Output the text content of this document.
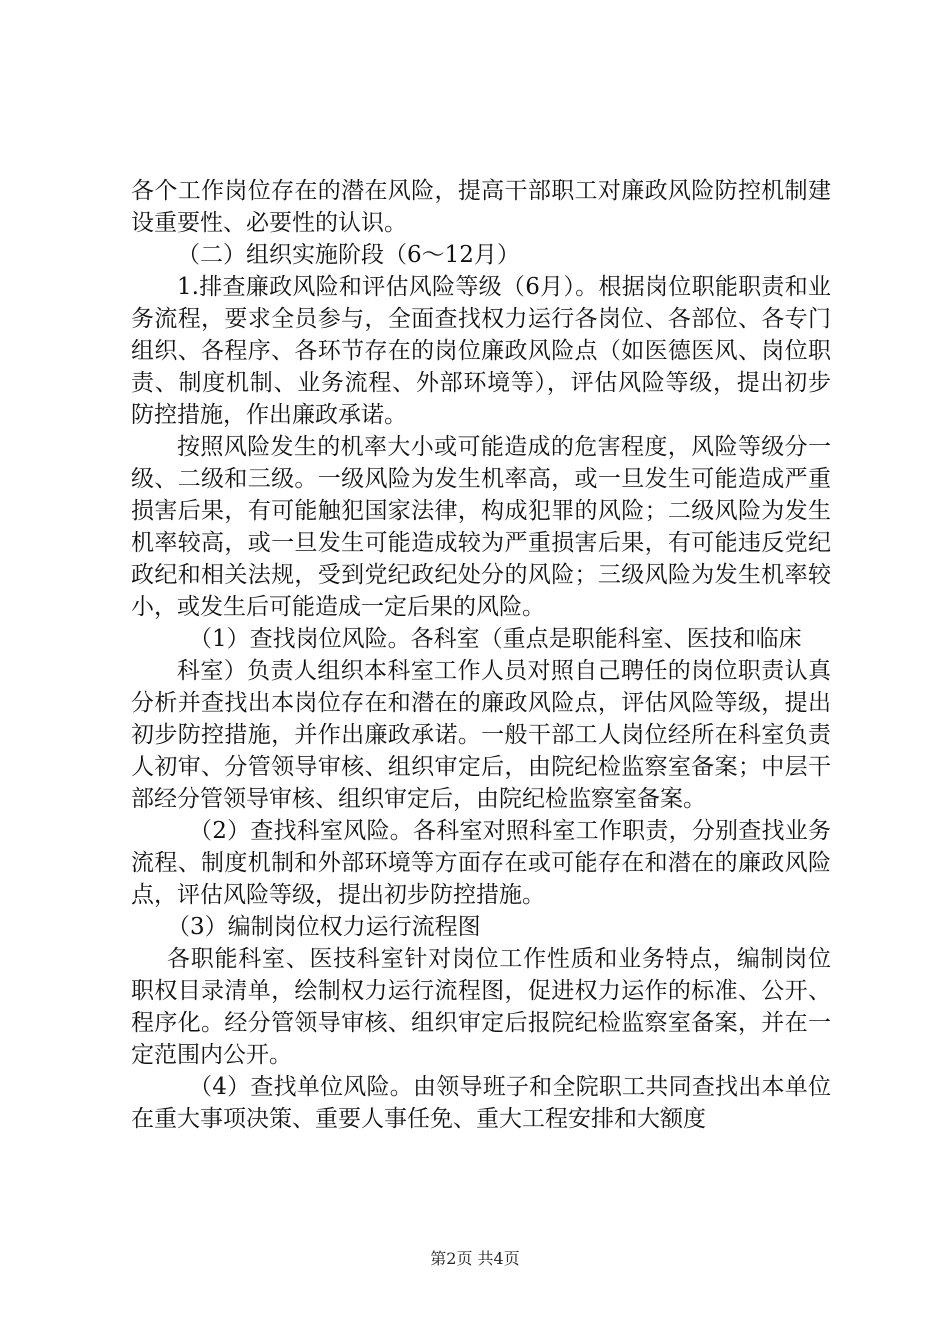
各个工作岗位存在的潜在风险，提高干部职工对廉政风险防控机制建设重要性、必要性的认识。

（二）组织实施阶段（6～12月）

1.排查廉政风险和评估风险等级（6月）。根据岗位职能职责和业务流程，要求全员参与，全面查找权力运行各岗位、各部位、各专门组织、各程序、各环节存在的岗位廉政风险点（如医德医风、岗位职责、制度机制、业务流程、外部环境等），评估风险等级，提出初步防控措施，作出廉政承诺。

按照风险发生的机率大小或可能造成的危害程度，风险等级分一级、二级和三级。一级风险为发生机率高，或一旦发生可能造成严重损害后果，有可能触犯国家法律，构成犯罪的风险；二级风险为发生机率较高，或一旦发生可能造成较为严重损害后果，有可能违反党纪政纪和相关法规，受到党纪政纪处分的风险；三级风险为发生机率较小，或发生后可能造成一定后果的风险。

（1）查找岗位风险。各科室（重点是职能科室、医技和临床

科室）负责人组织本科室工作人员对照自己聘任的岗位职责认真分析并查找出本岗位存在和潜在的廉政风险点，评估风险等级，提出初步防控措施，并作出廉政承诺。一般干部工人岗位经所在科室负责人初审、分管领导审核、组织审定后，由院纪检监察室备案；中层干部经分管领导审核、组织审定后，由院纪检监察室备案。

（2）查找科室风险。各科室对照科室工作职责，分别查找业务流程、制度机制和外部环境等方面存在或可能存在和潜在的廉政风险点，评估风险等级，提出初步防控措施。

（3）编制岗位权力运行流程图

各职能科室、医技科室针对岗位工作性质和业务特点，编制岗位职权目录清单，绘制权力运行流程图，促进权力运作的标准、公开、程序化。经分管领导审核、组织审定后报院纪检监察室备案，并在一定范围内公开。

（4）查找单位风险。由领导班子和全院职工共同查找出本单位在重大事项决策、重要人事任免、重大工程安排和大额度

第2页 共4页
